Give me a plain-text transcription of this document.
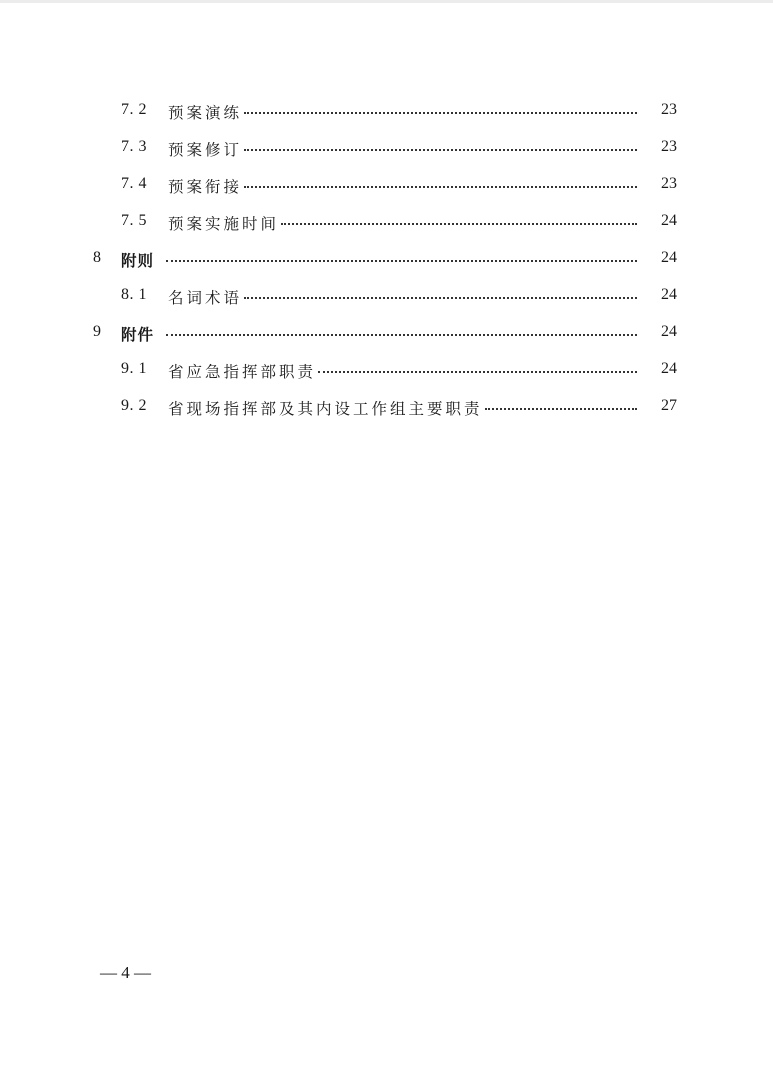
7. 2 预案演练	23
7. 3 预案修订	23
7. 4 预案衔接	23
7. 5 预案实施时间	24
8 附则	24
8. 1 名词术语	24
9 附件	24
9. 1 省应急指挥部职责	24
9. 2 省现场指挥部及其内设工作组主要职责	27
— 4 —
